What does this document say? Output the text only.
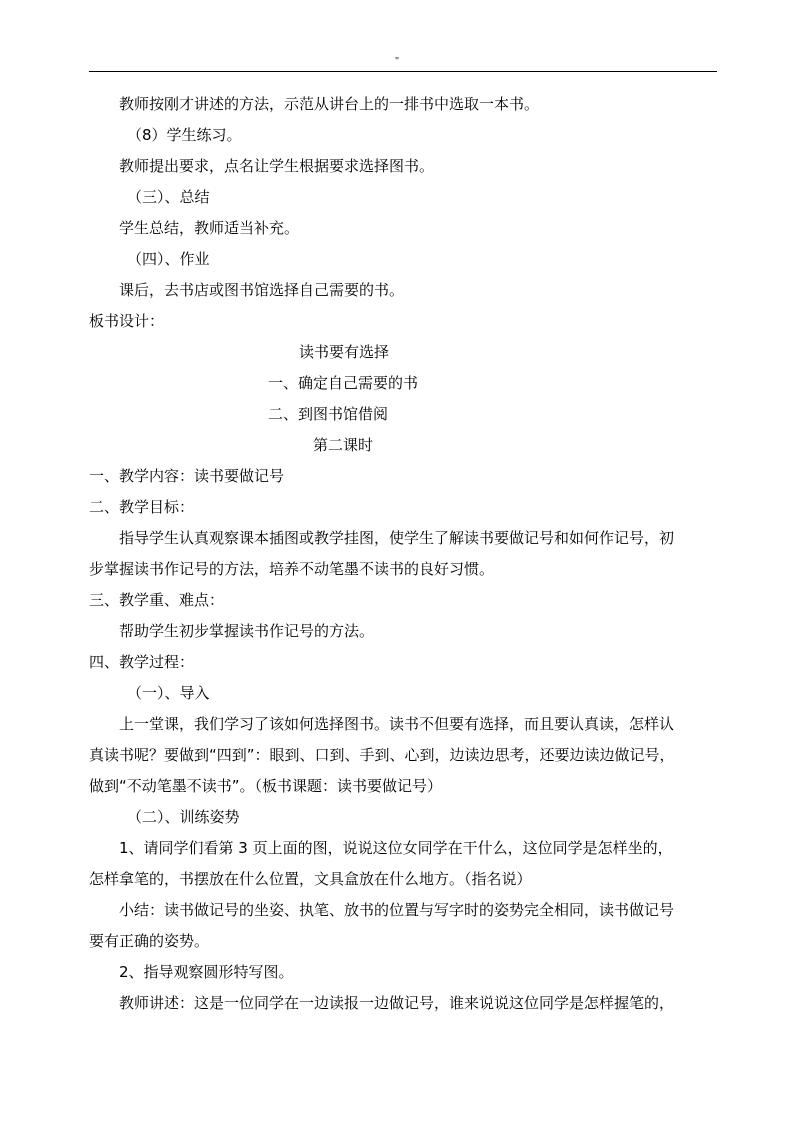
"
教师按刚才讲述的方法，示范从讲台上的一排书中选取一本书。
（8）学生练习。
教师提出要求，点名让学生根据要求选择图书。
（三）、总结
学生总结，教师适当补充。
（四）、作业
课后，去书店或图书馆选择自己需要的书。
板书设计：
读书要有选择
一、确定自己需要的书
二、到图书馆借阅
第二课时
一、教学内容：读书要做记号
二、教学目标：
指导学生认真观察课本插图或教学挂图，使学生了解读书要做记号和如何作记号，初
步掌握读书作记号的方法，培养不动笔墨不读书的良好习惯。
三、教学重、难点：
帮助学生初步掌握读书作记号的方法。
四、教学过程：
（一）、导入
上一堂课，我们学习了该如何选择图书。读书不但要有选择，而且要认真读，怎样认
真读书呢？要做到“四到”：眼到、口到、手到、心到，边读边思考，还要边读边做记号，
做到“不动笔墨不读书”。（板书课题：读书要做记号）
（二）、训练姿势
1、请同学们看第 3 页上面的图，说说这位女同学在干什么，这位同学是怎样坐的，
怎样拿笔的，书摆放在什么位置，文具盒放在什么地方。（指名说）
小结：读书做记号的坐姿、执笔、放书的位置与写字时的姿势完全相同，读书做记号
要有正确的姿势。
2、指导观察圆形特写图。
教师讲述：这是一位同学在一边读报一边做记号，谁来说说这位同学是怎样握笔的，
